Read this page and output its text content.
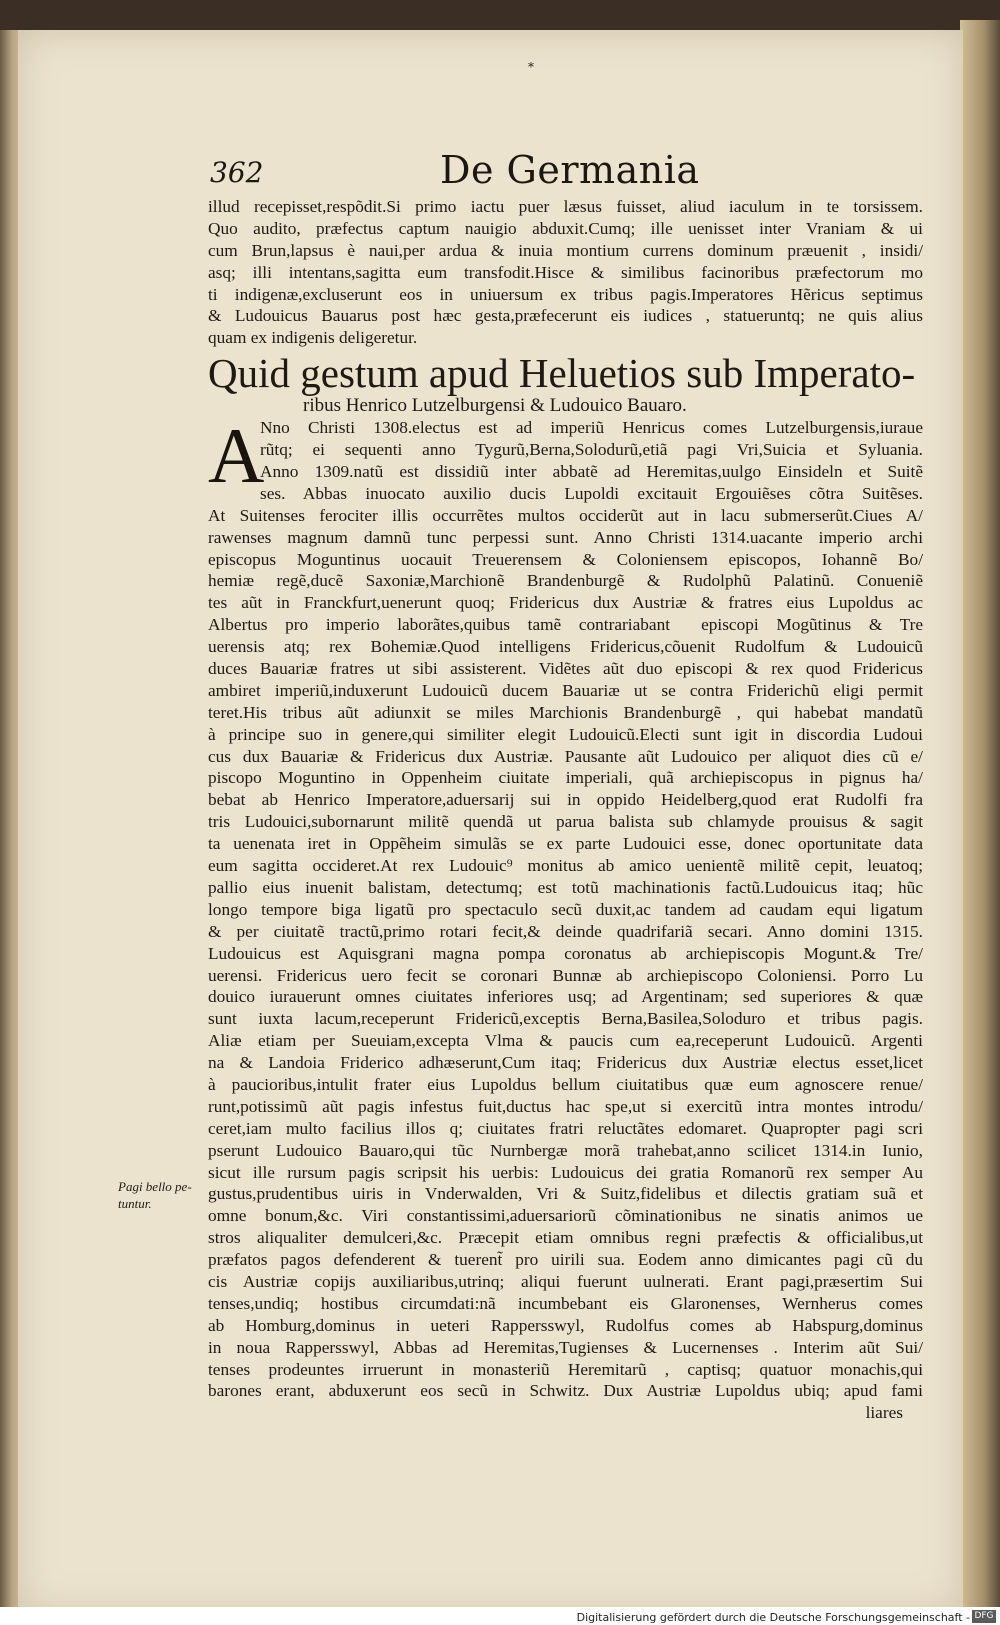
*
362	De Germania
Pagi bello pe-tuntur.
illud recepisset,respõdit.Si primo iactu puer læsus fuisset, aliud iaculum in te torsissem.
Quo audito, præfectus captum nauigio abduxit.Cumq; ille uenisset inter Vraniam & ui
cum Brun,lapsus è naui,per ardua & inuia montium currens dominum præuenit , insidi/
asq; illi intentans,sagitta eum transfodit.Hisce & similibus facinoribus præfectorum mo
ti indigenæ,excluserunt eos in uniuersum ex tribus pagis.Imperatores Hẽricus septimus
& Ludouicus Bauarus post hæc gesta,præfecerunt eis iudices , statueruntq; ne quis alius
quam ex indigenis deligeretur.
Quid gestum apud Heluetios sub Imperato-
ribus Henrico Lutzelburgensi & Ludouico Bauaro.
A
Nno Christi 1308.electus est ad imperiũ Henricus comes Lutzelburgensis,iuraue
rũtq; ei sequenti anno Tygurũ,Berna,Solodurũ,etiã pagi Vri,Suicia et Syluania.
Anno 1309.natũ est dissidiũ inter abbatẽ ad Heremitas,uulgo Einsideln et Suitẽ
ses. Abbas inuocato auxilio ducis Lupoldi excitauit Ergouiẽses cõtra Suitẽses.
At Suitenses ferociter illis occurrẽtes multos occiderũt aut in lacu submerserũt.Ciues A/
rawenses magnum damnũ tunc perpessi sunt. Anno Christi 1314.uacante imperio archi
episcopus Moguntinus uocauit Treuerensem & Coloniensem episcopos, Iohannẽ Bo/
hemiæ regẽ,ducẽ Saxoniæ,Marchionẽ Brandenburgẽ & Rudolphũ Palatinũ. Conueniẽ
tes aũt in Franckfurt,uenerunt quoq; Fridericus dux Austriæ & fratres eius Lupoldus ac
Albertus pro imperio laborãtes,quibus tamẽ contrariabantᷓ episcopi Mogũtinus & Tre
uerensis atq; rex Bohemiæ.Quod intelligens Fridericus,cõuenit Rudolfum & Ludouicũ
duces Bauariæ fratres ut sibi assisterent. Vidẽtes aũt duo episcopi & rex quod Fridericus
ambiret imperiũ,induxerunt Ludouicũ ducem Bauariæ ut se contra Friderichũ eligi permit
teret.His tribus aũt adiunxit se miles Marchionis Brandenburgẽ , qui habebat mandatũ
à principe suo in genere,qui similiter elegit Ludouicũ.Electi sunt igit in discordia Ludoui
cus dux Bauariæ & Fridericus dux Austriæ. Pausante aũt Ludouico per aliquot dies cũ e/
piscopo Moguntino in Oppenheim ciuitate imperiali, quã archiepiscopus in pignus ha/
bebat ab Henrico Imperatore,aduersarij sui in oppido Heidelberg,quod erat Rudolfi fra
tris Ludouici,subornarunt militẽ quendã ut parua balista sub chlamyde prouisus & sagit
ta uenenata iret in Oppẽheim simulãs se ex parte Ludouici esse, donec oportunitate data
eum sagitta occideret.At rex Ludouic⁹ monitus ab amico uenientẽ militẽ cepit, leuatoq;
pallio eius inuenit balistam, detectumq; est totũ machinationis factũ.Ludouicus itaq; hũc
longo tempore biga ligatũ pro spectaculo secũ duxit,ac tandem ad caudam equi ligatum
& per ciuitatẽ tractũ,primo rotari fecit,& deinde quadrifariã secari. Anno domini 1315.
Ludouicus est Aquisgrani magna pompa coronatus ab archiepiscopis Mogunt.& Tre/
uerensi. Fridericus uero fecit se coronari Bunnæ ab archiepiscopo Coloniensi. Porro Lu
douico iurauerunt omnes ciuitates inferiores usq; ad Argentinam; sed superiores & quæ
sunt iuxta lacum,receperunt Fridericũ,exceptis Berna,Basilea,Soloduro et tribus pagis.
Aliæ etiam per Sueuiam,excepta Vlma & paucis cum ea,receperunt Ludouicũ. Argenti
na & Landoia Friderico adhæserunt,Cum itaq; Fridericus dux Austriæ electus esset,licet
à paucioribus,intulit frater eius Lupoldus bellum ciuitatibus quæ eum agnoscere renue/
runt,potissimũ aũt pagis infestus fuit,ductus hac spe,ut si exercitũ intra montes introdu/
ceret,iam multo facilius illos q; ciuitates fratri reluctãtes edomaret. Quapropter pagi scri
pserunt Ludouico Bauaro,qui tũc Nurnbergæ morã trahebat,anno scilicet 1314.in Iunio,
sicut ille rursum pagis scripsit his uerbis: Ludouicus dei gratia Romanorũ rex semper Au
gustus,prudentibus uiris in Vnderwalden, Vri & Suitz,fidelibus et dilectis gratiam suã et
omne bonum,&c. Viri constantissimi,aduersariorũ cõminationibus ne sinatis animos ue
stros aliqualiter demulceri,&c. Præcepit etiam omnibus regni præfectis & officialibus,ut
præfatos pagos defenderent & tuerent̃ pro uirili sua. Eodem anno dimicantes pagi cũ du
cis Austriæ copijs auxiliaribus,utrinq; aliqui fuerunt uulnerati. Erant pagi,præsertim Sui
tenses,undiq; hostibus circumdati:nã incumbebant eis Glaronenses, Wernherus comes
ab Homburg,dominus in ueteri Rappersswyl, Rudolfus comes ab Habspurg,dominus
in noua Rappersswyl, Abbas ad Heremitas,Tugienses & Lucernenses . Interim aũt Sui/
tenses prodeuntes irruerunt in monasteriũ Heremitarũ , captisq; quatuor monachis,qui
barones erant, abduxerunt eos secũ in Schwitz. Dux Austriæ Lupoldus ubiq; apud fami
liares
Digitalisierung gefördert durch die Deutsche Forschungsgemeinschaft - DFG
